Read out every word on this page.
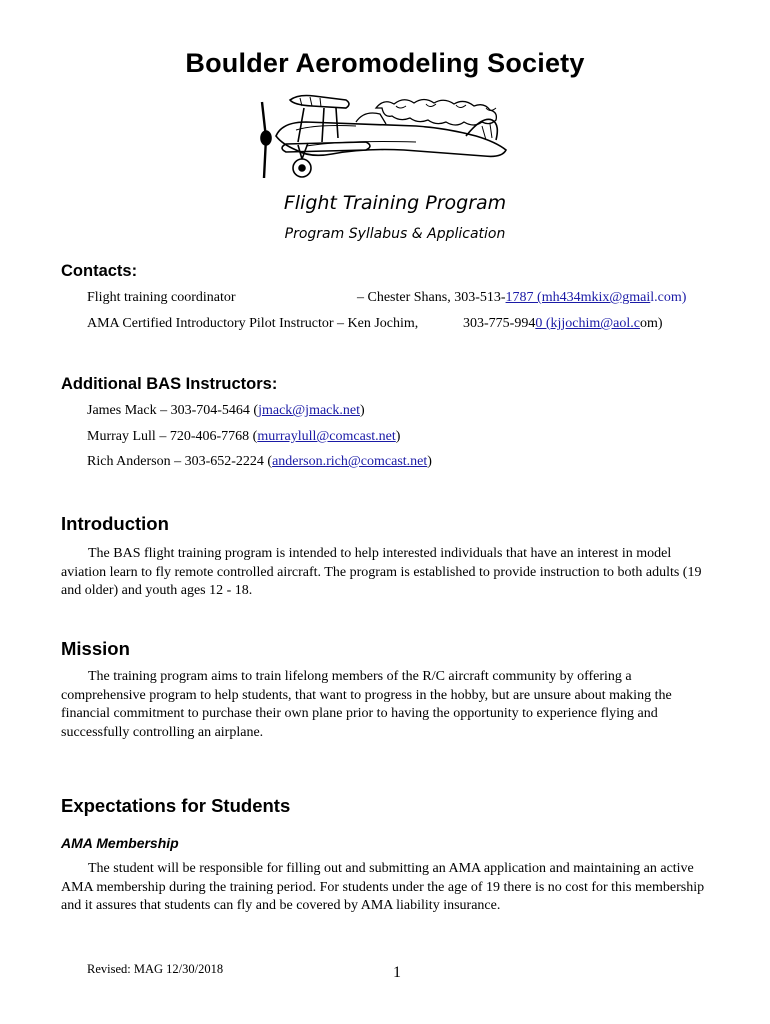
Boulder Aeromodeling Society
Flight Training Program
Program Syllabus & Application
Contacts:
Flight training coordinator	– Chester Shans, 303-513-1787 (mh434mkix@gmail.com)
AMA Certified Introductory Pilot Instructor – Ken Jochim,	303-775-9940 (kjjochim@aol.com)
Additional BAS Instructors:
James Mack – 303-704-5464 (jmack@jmack.net)
Murray Lull – 720-406-7768 (murraylull@comcast.net)
Rich Anderson – 303-652-2224 (anderson.rich@comcast.net)
Introduction
The BAS flight training program is intended to help interested individuals that have an interest in model aviation learn to fly remote controlled aircraft. The program is established to provide instruction to both adults (19 and older) and youth ages 12 - 18.
Mission
The training program aims to train lifelong members of the R/C aircraft community by offering a comprehensive program to help students, that want to progress in the hobby, but are unsure about making the financial commitment to purchase their own plane prior to having the opportunity to experience flying and successfully controlling an airplane.
Expectations for Students
AMA Membership
The student will be responsible for filling out and submitting an AMA application and maintaining an active AMA membership during the training period. For students under the age of 19 there is no cost for this membership and it assures that students can fly and be covered by AMA liability insurance.
Revised: MAG 12/30/2018	1
